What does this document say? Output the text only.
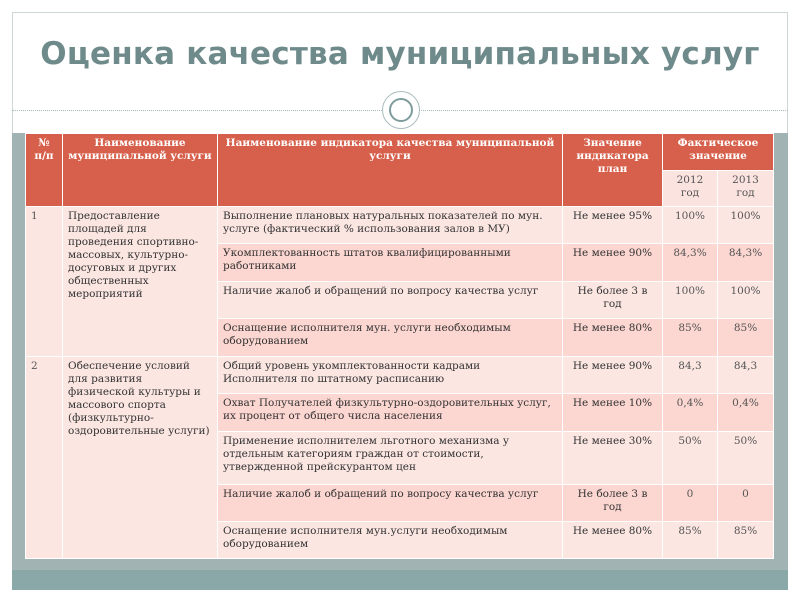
Оценка качества муниципальных услуг
№ п/п	Наименование муниципальной услуги	Наименование индикатора качества муниципальной услуги	Значение индикатора план	Фактическое значение	
				2012 год	2013 год
1	Предоставление площадей для проведения спортивно-массовых, культурно-досуговых и других общественных мероприятий	Выполнение плановых натуральных показателей по мун. услуге (фактический % использования залов в МУ)	Не менее 95%	100%	100%
		Укомплектованность штатов квалифицированными работниками	Не менее 90%	84,3%	84,3%
		Наличие жалоб и обращений по вопросу качества услуг	Не более 3 в год	100%	100%
		Оснащение исполнителя мун. услуги необходимым оборудованием	Не менее 80%	85%	85%
2	Обеспечение условий для развития физической культуры и массового спорта (физкультурно-оздоровительные услуги)	Общий уровень укомплектованности кадрами Исполнителя по штатному расписанию	Не менее 90%	84,3	84,3
		Охват Получателей физкультурно-оздоровительных услуг, их процент от общего числа населения	Не менее 10%	0,4%	0,4%
		Применение исполнителем льготного механизма у отдельным категориям граждан от стоимости, утвержденной прейскурантом цен	Не менее 30%	50%	50%
		Наличие жалоб и обращений по вопросу качества услуг	Не более 3 в год	0	0
		Оснащение исполнителя мун.услуги необходимым оборудованием	Не менее 80%	85%	85%
